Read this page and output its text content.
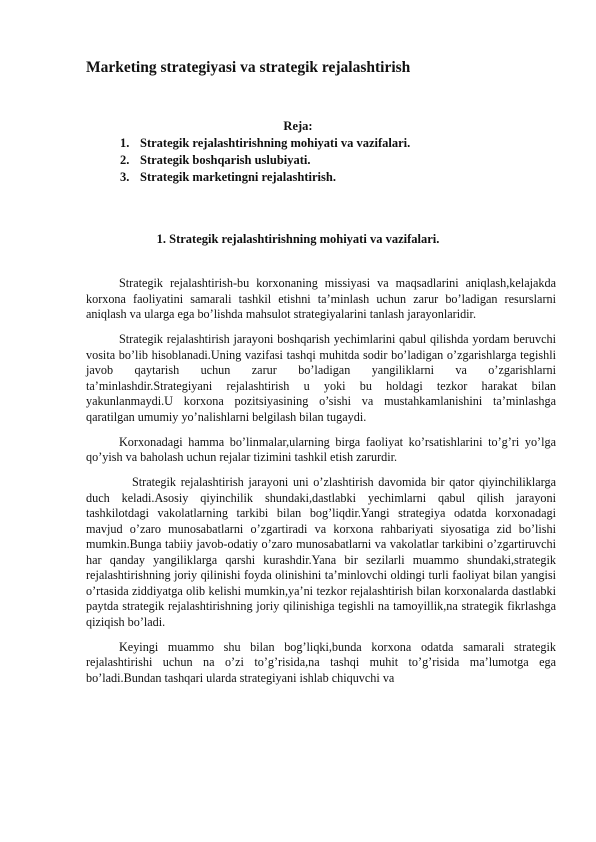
Marketing strategiyasi va strategik rejalashtirish
Reja:
1. Strategik rejalashtirishning mohiyati va vazifalari.
2. Strategik boshqarish uslubiyati.
3. Strategik marketingni rejalashtirish.
1. Strategik rejalashtirishning mohiyati va vazifalari.

Strategik rejalashtirish-bu korxonaning missiyasi va maqsadlarini aniqlash,kelajakda korxona faoliyatini samarali tashkil etishni ta’minlash uchun zarur bo’ladigan resurslarni aniqlash va ularga ega bo’lishda mahsulot strategiyalarini tanlash jarayonlaridir.

Strategik rejalashtirish jarayoni boshqarish yechimlarini qabul qilishda yordam beruvchi vosita bo’lib hisoblanadi.Uning vazifasi tashqi muhitda sodir bo’ladigan o’zgarishlarga tegishli javob qaytarish uchun zarur bo’ladigan yangiliklarni va o’zgarishlarni ta’minlashdir.Strategiyani rejalashtirish u yoki bu holdagi tezkor harakat bilan yakunlanmaydi.U korxona pozitsiyasining o’sishi va mustahkamlanishini ta’minlashga qaratilgan umumiy yo’nalishlarni belgilash bilan tugaydi.

Korxonadagi hamma bo’linmalar,ularning birga faoliyat ko’rsatishlarini to’g’ri yo’lga qo’yish va baholash uchun rejalar tizimini tashkil etish zarurdir.

Strategik rejalashtirish jarayoni uni o’zlashtirish davomida bir qator qiyinchiliklarga duch keladi.Asosiy qiyinchilik shundaki,dastlabki yechimlarni qabul qilish jarayoni tashkilotdagi vakolatlarning tarkibi bilan bog’liqdir.Yangi strategiya odatda korxonadagi mavjud o’zaro munosabatlarni o’zgartiradi va korxona rahbariyati siyosatiga zid bo’lishi mumkin.Bunga tabiiy javob-odatiy o’zaro munosabatlarni va vakolatlar tarkibini o’zgartiruvchi har qanday yangiliklarga qarshi kurashdir.Yana bir sezilarli muammo shundaki,strategik rejalashtirishning joriy qilinishi foyda olinishini ta’minlovchi oldingi turli faoliyat bilan yangisi o’rtasida ziddiyatga olib kelishi mumkin,ya’ni tezkor rejalashtirish bilan korxonalarda dastlabki paytda strategik rejalashtirishning joriy qilinishiga tegishli na tamoyillik,na strategik fikrlashga qiziqish bo’ladi.

Keyingi muammo shu bilan bog’liqki,bunda korxona odatda samarali strategik rejalashtirishi uchun na o’zi to’g’risida,na tashqi muhit to’g’risida ma’lumotga ega bo’ladi.Bundan tashqari ularda strategiyani ishlab chiquvchi va
